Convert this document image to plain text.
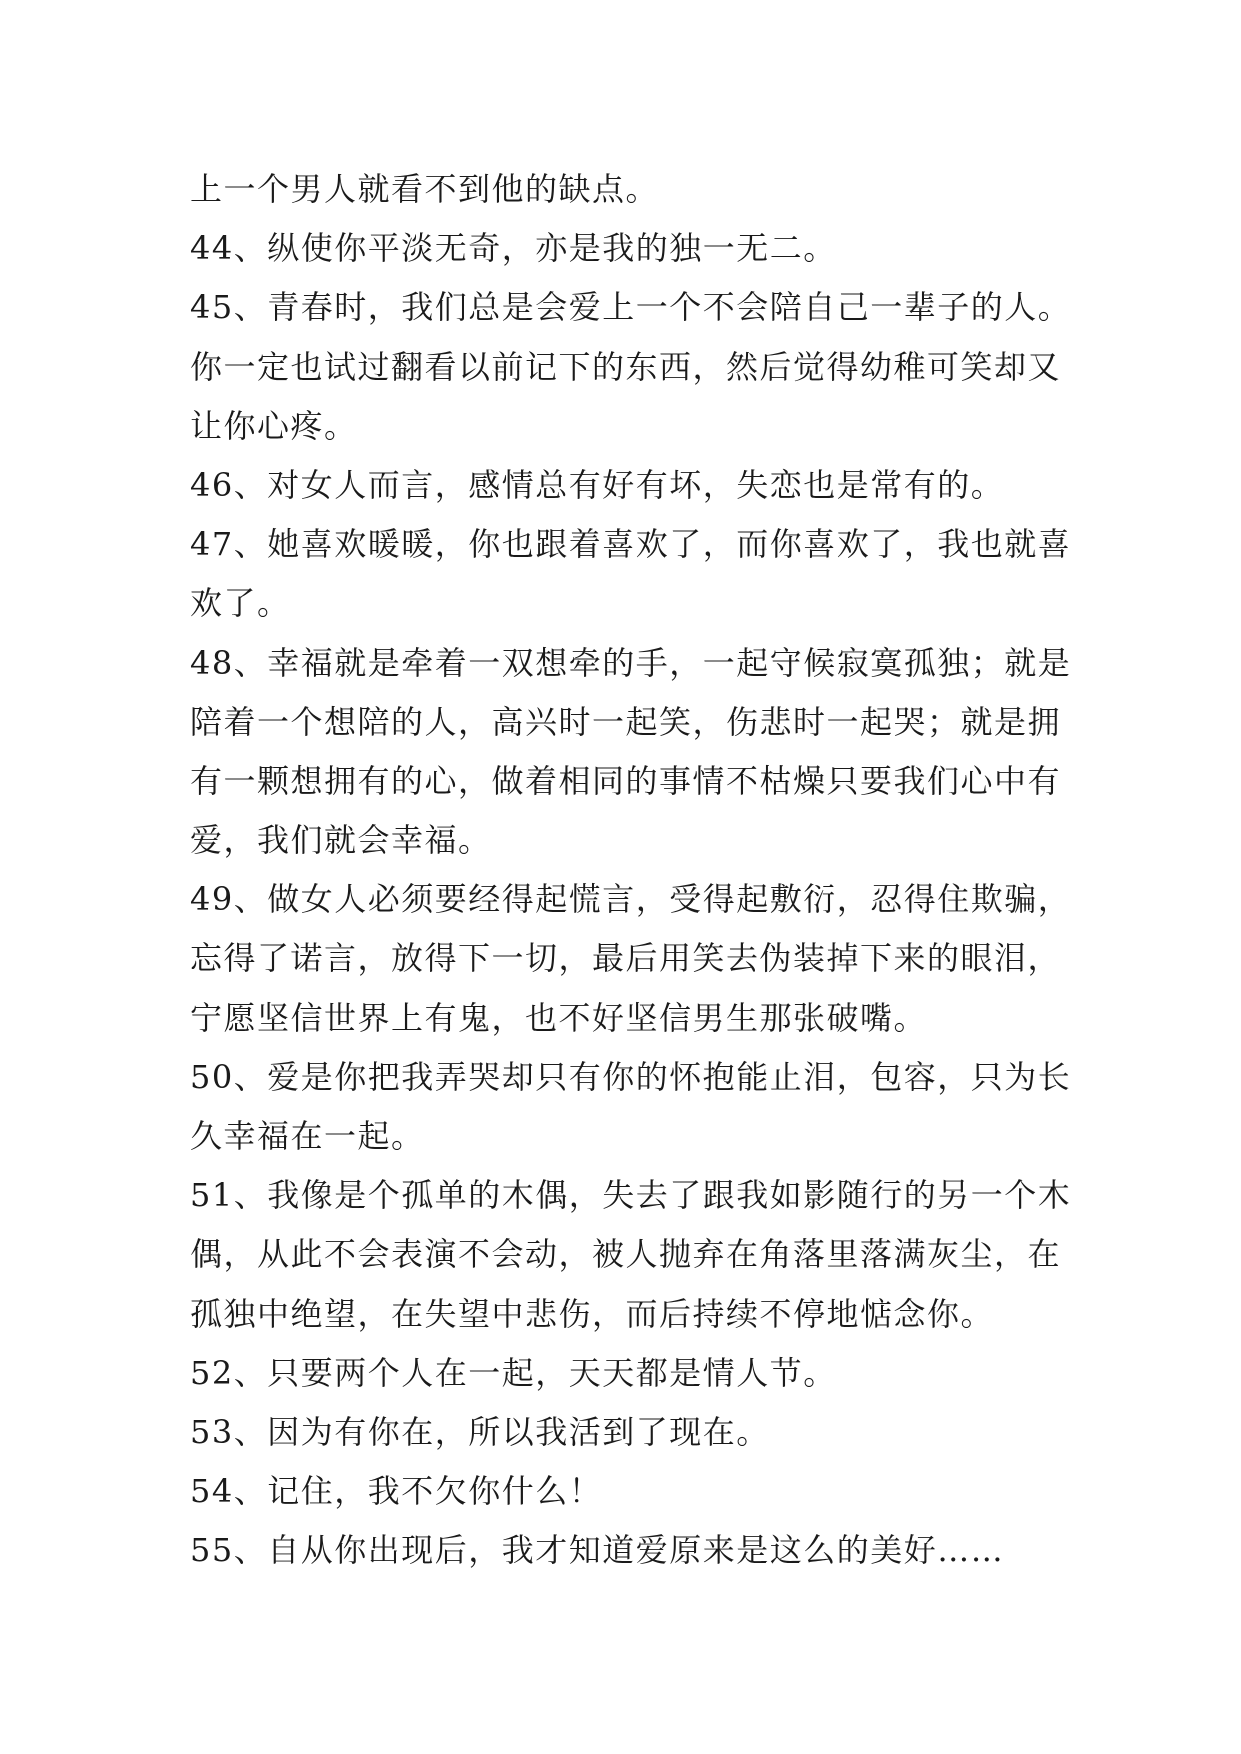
上一个男人就看不到他的缺点。
44、纵使你平淡无奇，亦是我的独一无二。
45、青春时，我们总是会爱上一个不会陪自己一辈子的人。
你一定也试过翻看以前记下的东西，然后觉得幼稚可笑却又
让你心疼。
46、对女人而言，感情总有好有坏，失恋也是常有的。
47、她喜欢暖暖，你也跟着喜欢了，而你喜欢了，我也就喜
欢了。
48、幸福就是牵着一双想牵的手，一起守候寂寞孤独；就是
陪着一个想陪的人，高兴时一起笑，伤悲时一起哭；就是拥
有一颗想拥有的心，做着相同的事情不枯燥只要我们心中有
爱，我们就会幸福。
49、做女人必须要经得起慌言，受得起敷衍，忍得住欺骗，
忘得了诺言，放得下一切，最后用笑去伪装掉下来的眼泪，
宁愿坚信世界上有鬼，也不好坚信男生那张破嘴。
50、爱是你把我弄哭却只有你的怀抱能止泪，包容，只为长
久幸福在一起。
51、我像是个孤单的木偶，失去了跟我如影随行的另一个木
偶，从此不会表演不会动，被人抛弃在角落里落满灰尘，在
孤独中绝望，在失望中悲伤，而后持续不停地惦念你。
52、只要两个人在一起，天天都是情人节。
53、因为有你在，所以我活到了现在。
54、记住，我不欠你什么！
55、自从你出现后，我才知道爱原来是这么的美好……
